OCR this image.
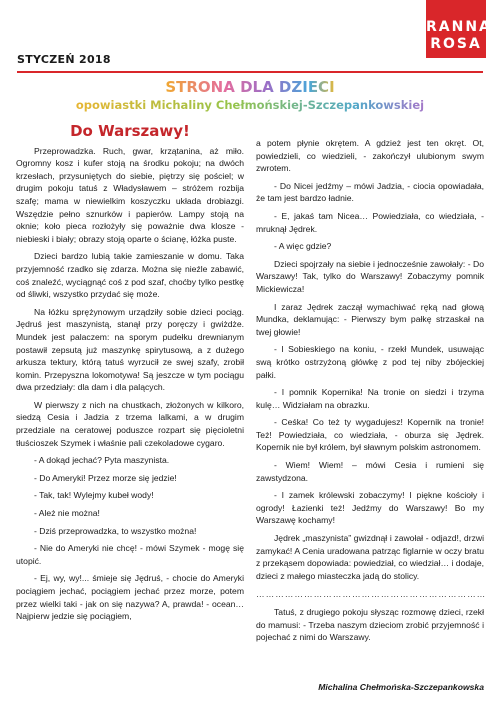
RANNA
ROSA
STYCZEŃ 2018
STRONA DLA DZIECI
opowiastki Michaliny Chełmońskiej-Szczepankowskiej
Do Warszawy!

Przeprowadzka. Ruch, gwar, krzątanina, aż miło. Ogromny kosz i kufer stoją na środku pokoju; na dwóch krzesłach, przysuniętych do siebie, piętrzy się pościel; w drugim pokoju tatuś z Władysławem – stróżem rozbija szafę; mama w niewielkim koszyczku układa drobiazgi. Wszędzie pełno sznurków i papierów. Lampy stoją na oknie; koło pieca rozłożyły się poważnie dwa klosze - niebieski i biały; obrazy stoją oparte o ścianę, łóżka puste.

Dzieci bardzo lubią takie zamieszanie w domu. Taka przyjemność rzadko się zdarza. Można się nieźle zabawić, coś znaleźć, wyciągnąć coś z pod szaf, choćby tylko pestkę od śliwki, wszystko przydać się może.

Na łóżku sprężynowym urządziły sobie dzieci pociąg. Jędruś jest maszynistą, stanął przy poręczy i gwiżdże. Mundek jest palaczem: na sporym pudełku drewnianym postawił zepsutą już maszynkę spirytusową, a z dużego arkusza tektury, którą tatuś wyrzucił ze swej szafy, zrobił komin. Przepyszna lokomotywa! Są jeszcze w tym pociągu dwa przedziały: dla dam i dla palących.

W pierwszy z nich na chustkach, złożonych w kilkoro, siedzą Cesia i Jadzia z trzema lalkami, a w drugim przedziale na ceratowej poduszce rozpart się pięcioletni tłuścioszek Szymek i właśnie pali czekoladowe cygaro.

- A dokąd jechać? Pyta maszynista.

- Do Ameryki! Przez morze się jedzie!

- Tak, tak! Wylejmy kubeł wody!

- Ależ nie można!

- Dziś przeprowadzka, to wszystko można!

- Nie do Ameryki nie chcę! - mówi Szymek - mogę się utopić.

- Ej, wy, wy!... śmieje się Jędruś, - chocie do Ameryki pociągiem jechać, pociągiem jechać przez morze, potem przez wielki taki - jak on się nazywa? A, prawda! - ocean… Najpierw jedzie się pociągiem,

a potem płynie okrętem. A gdzież jest ten okręt. Ot, powiedzieli, co wiedzieli, - zakończył ulubionym swym zwrotem.

- Do Nicei jedźmy – mówi Jadzia, - ciocia opowiadała, że tam jest bardzo ładnie.

- E, jakaś tam Nicea… Powiedziała, co wiedziała, - mruknął Jędrek.

- A więc gdzie?

Dzieci spojrzały na siebie i jednocześnie zawołały: - Do Warszawy! Tak, tylko do Warszawy! Zobaczymy pomnik Mickiewicza!

I zaraz Jędrek zaczął wymachiwać ręką nad głową Mundka, deklamując: - Pierwszy bym pałkę strzaskał na twej głowie!

- I Sobieskiego na koniu, - rzekł Mundek, usuwając swą krótko ostrzyżoną główkę z pod tej niby zbójeckiej pałki.

- I pomnik Kopernika! Na tronie on siedzi i trzyma kulę… Widziałam na obrazku.

- Ceśka! Co też ty wygadujesz! Kopernik na tronie! Też! Powiedziała, co wiedziała, - oburza się Jędrek. Kopernik nie był królem, był sławnym polskim astronomem.

- Wiem! Wiem! – mówi Cesia i rumieni się zawstydzona.

- I zamek królewski zobaczymy! I piękne kościoły i ogrody! Łazienki też! Jedźmy do Warszawy! Bo my Warszawę kochamy!

Jędrek „maszynista” gwizdnął i zawołał - odjazd!, drzwi zamykać! A Cenia uradowana patrząc figlarnie w oczy bratu z przekąsem dopowiada: powiedział, co wiedział… i dodaje, dzieci z małego miasteczka jadą do stolicy.

………………………………………………………………

Tatuś, z drugiego pokoju słysząc rozmowę dzieci, rzekł do mamusi: - Trzeba naszym dzieciom zrobić przyjemność i pojechać z nimi do Warszawy.

Michalina Chełmońska-Szczepankowska
